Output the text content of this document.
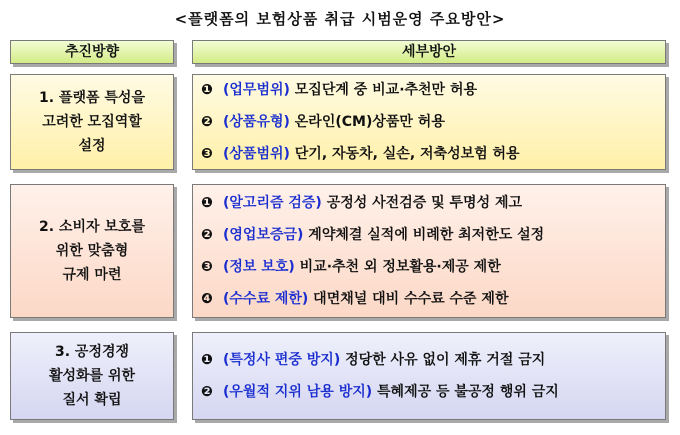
<플랫폼의 보험상품 취급 시범운영 주요방안>
추진방향	세부방안
1. 플랫폼 특성을
고려한 모집역할
설정
❶ (업무범위) 모집단계 중 비교·추천만 허용
❷ (상품유형) 온라인(CM)상품만 허용
❸ (상품범위) 단기, 자동차, 실손, 저축성보험 허용
2. 소비자 보호를
위한 맞춤형
규제 마련
❶ (알고리즘 검증) 공정성 사전검증 및 투명성 제고
❷ (영업보증금) 계약체결 실적에 비례한 최저한도 설정
❸ (정보 보호) 비교·추천 외 정보활용·제공 제한
❹ (수수료 제한) 대면채널 대비 수수료 수준 제한
3. 공정경쟁
활성화를 위한
질서 확립
❶ (특정사 편중 방지) 정당한 사유 없이 제휴 거절 금지
❷ (우월적 지위 남용 방지) 특혜제공 등 불공정 행위 금지
